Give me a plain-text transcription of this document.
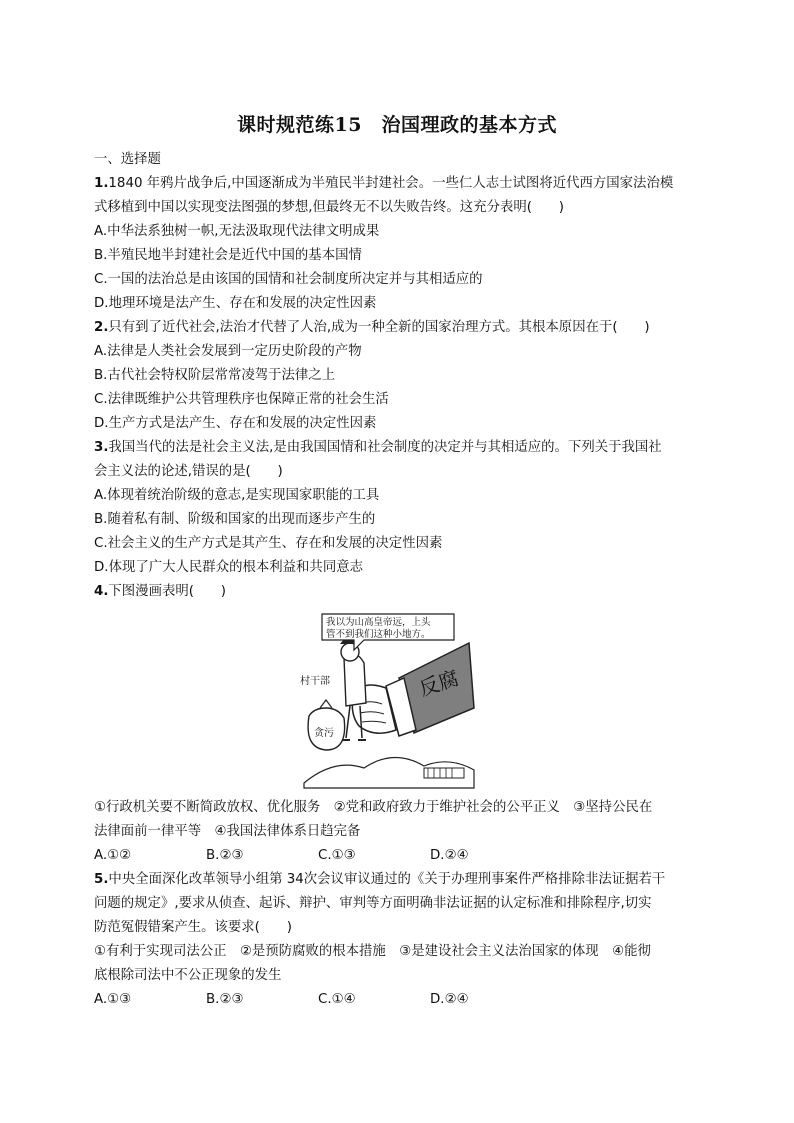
课时规范练15　治国理政的基本方式
一、选择题
1.1840 年鸦片战争后,中国逐渐成为半殖民半封建社会。一些仁人志士试图将近代西方国家法治模
式移植到中国以实现变法图强的梦想,但最终无不以失败告终。这充分表明(　　)
A.中华法系独树一帜,无法汲取现代法律文明成果
B.半殖民地半封建社会是近代中国的基本国情
C.一国的法治总是由该国的国情和社会制度所决定并与其相适应的
D.地理环境是法产生、存在和发展的决定性因素
2.只有到了近代社会,法治才代替了人治,成为一种全新的国家治理方式。其根本原因在于(　　)
A.法律是人类社会发展到一定历史阶段的产物
B.古代社会特权阶层常常凌驾于法律之上
C.法律既维护公共管理秩序也保障正常的社会生活
D.生产方式是法产生、存在和发展的决定性因素
3.我国当代的法是社会主义法,是由我国国情和社会制度的决定并与其相适应的。下列关于我国社
会主义法的论述,错误的是(　　)
A.体现着统治阶级的意志,是实现国家职能的工具
B.随着私有制、阶级和国家的出现而逐步产生的
C.社会主义的生产方式是其产生、存在和发展的决定性因素
D.体现了广大人民群众的根本利益和共同意志
4.下图漫画表明(　　)
反腐
贪污
村干部
我以为山高皇帝远，上头
管不到我们这种小地方。
①行政机关要不断简政放权、优化服务　②党和政府致力于维护社会的公平正义　③坚持公民在
法律面前一律平等　④我国法律体系日趋完备
A.①②	B.②③	C.①③	D.②④
5.中央全面深化改革领导小组第 34次会议审议通过的《关于办理刑事案件严格排除非法证据若干
问题的规定》,要求从侦查、起诉、辩护、审判等方面明确非法证据的认定标准和排除程序,切实
防范冤假错案产生。该要求(　　)
①有利于实现司法公正　②是预防腐败的根本措施　③是建设社会主义法治国家的体现　④能彻
底根除司法中不公正现象的发生
A.①③	B.②③	C.①④	D.②④
